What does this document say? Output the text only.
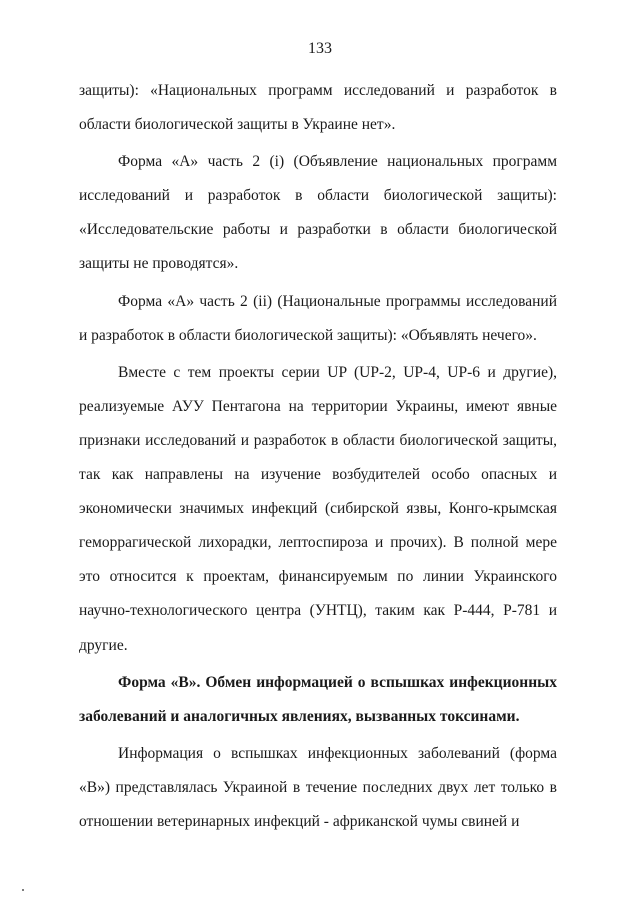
133

защиты): «Национальных программ исследований и разработок в области биологической защиты в Украине нет».

Форма «А» часть 2 (i) (Объявление национальных программ исследований и разработок в области биологической защиты): «Исследовательские работы и разработки в области биологической защиты не проводятся».

Форма «А» часть 2 (ii) (Национальные программы исследований и разработок в области биологической защиты): «Объявлять нечего».

Вместе с тем проекты серии UP (UP-2, UP-4, UP-6 и другие), реализуемые АУУ Пентагона на территории Украины, имеют явные признаки исследований и разработок в области биологической защиты, так как направлены на изучение возбудителей особо опасных и экономически значимых инфекций (сибирской язвы, Конго-крымская геморрагической лихорадки, лептоспироза и прочих). В полной мере это относится к проектам, финансируемым по линии Украинского научно-технологического центра (УНТЦ), таким как Р-444, Р-781 и другие.

Форма «В». Обмен информацией о вспышках инфекционных заболеваний и аналогичных явлениях, вызванных токсинами.

Информация о вспышках инфекционных заболеваний (форма «В») представлялась Украиной в течение последних двух лет только в отношении ветеринарных инфекций - африканской чумы свиней и
